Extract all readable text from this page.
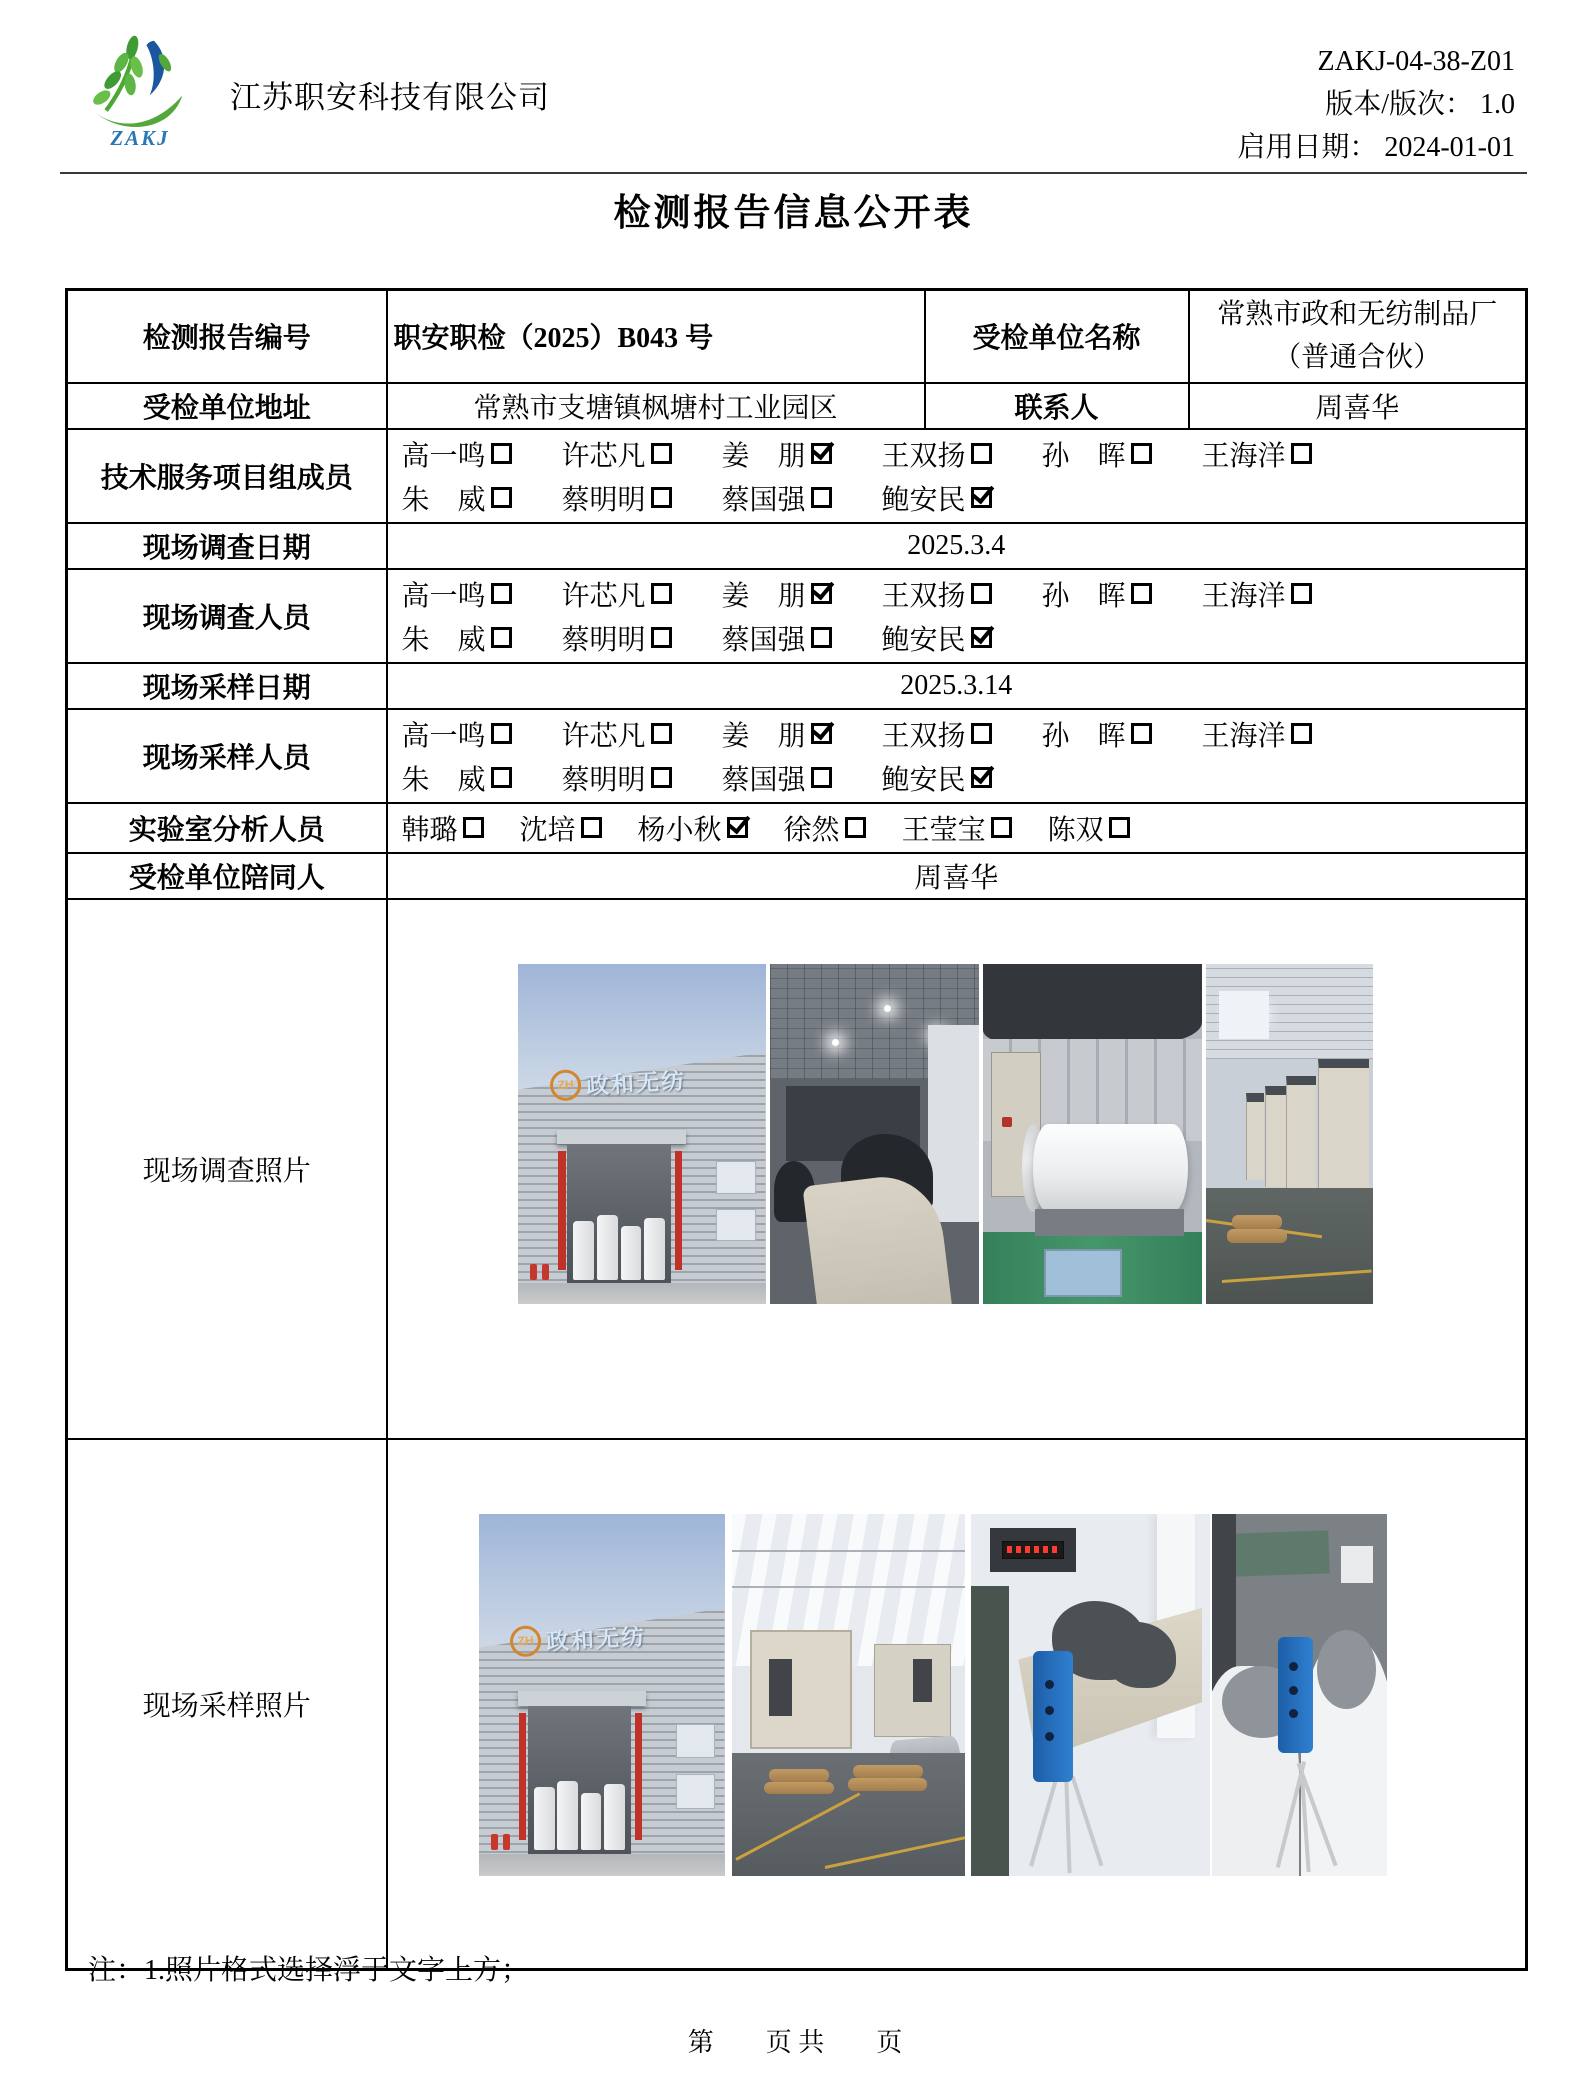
ZAKJ
江苏职安科技有限公司
ZAKJ-04-38-Z01
版本/版次： 1.0
启用日期： 2024-01-01
检测报告信息公开表
检测报告编号	职安职检（2025）B043 号	受检单位名称	常熟市政和无纺制品厂（普通合伙）
受检单位地址	常熟市支塘镇枫塘村工业园区	联系人	周喜华
技术服务项目组成员	
高一鸣	许芯凡	姜　朋	王双扬	孙　晖	王海洋
朱　威	蔡明明	蔡国强	鲍安民

现场调查日期	2025.3.4		
现场调查人员	
高一鸣	许芯凡	姜　朋	王双扬	孙　晖	王海洋
朱　威	蔡明明	蔡国强	鲍安民

现场采样日期	2025.3.14		
现场采样人员	
高一鸣	许芯凡	姜　朋	王双扬	孙　晖	王海洋
朱　威	蔡明明	蔡国强	鲍安民

实验室分析人员	韩璐 沈培 杨小秋 徐然 王莹宝 陈双

受检单位陪同人	周喜华		
现场调查照片	ZH 政和无纺		

现场采样照片	ZH 政和无纺		
注：1.照片格式选择浮于文字上方；
第　　页 共　　页
